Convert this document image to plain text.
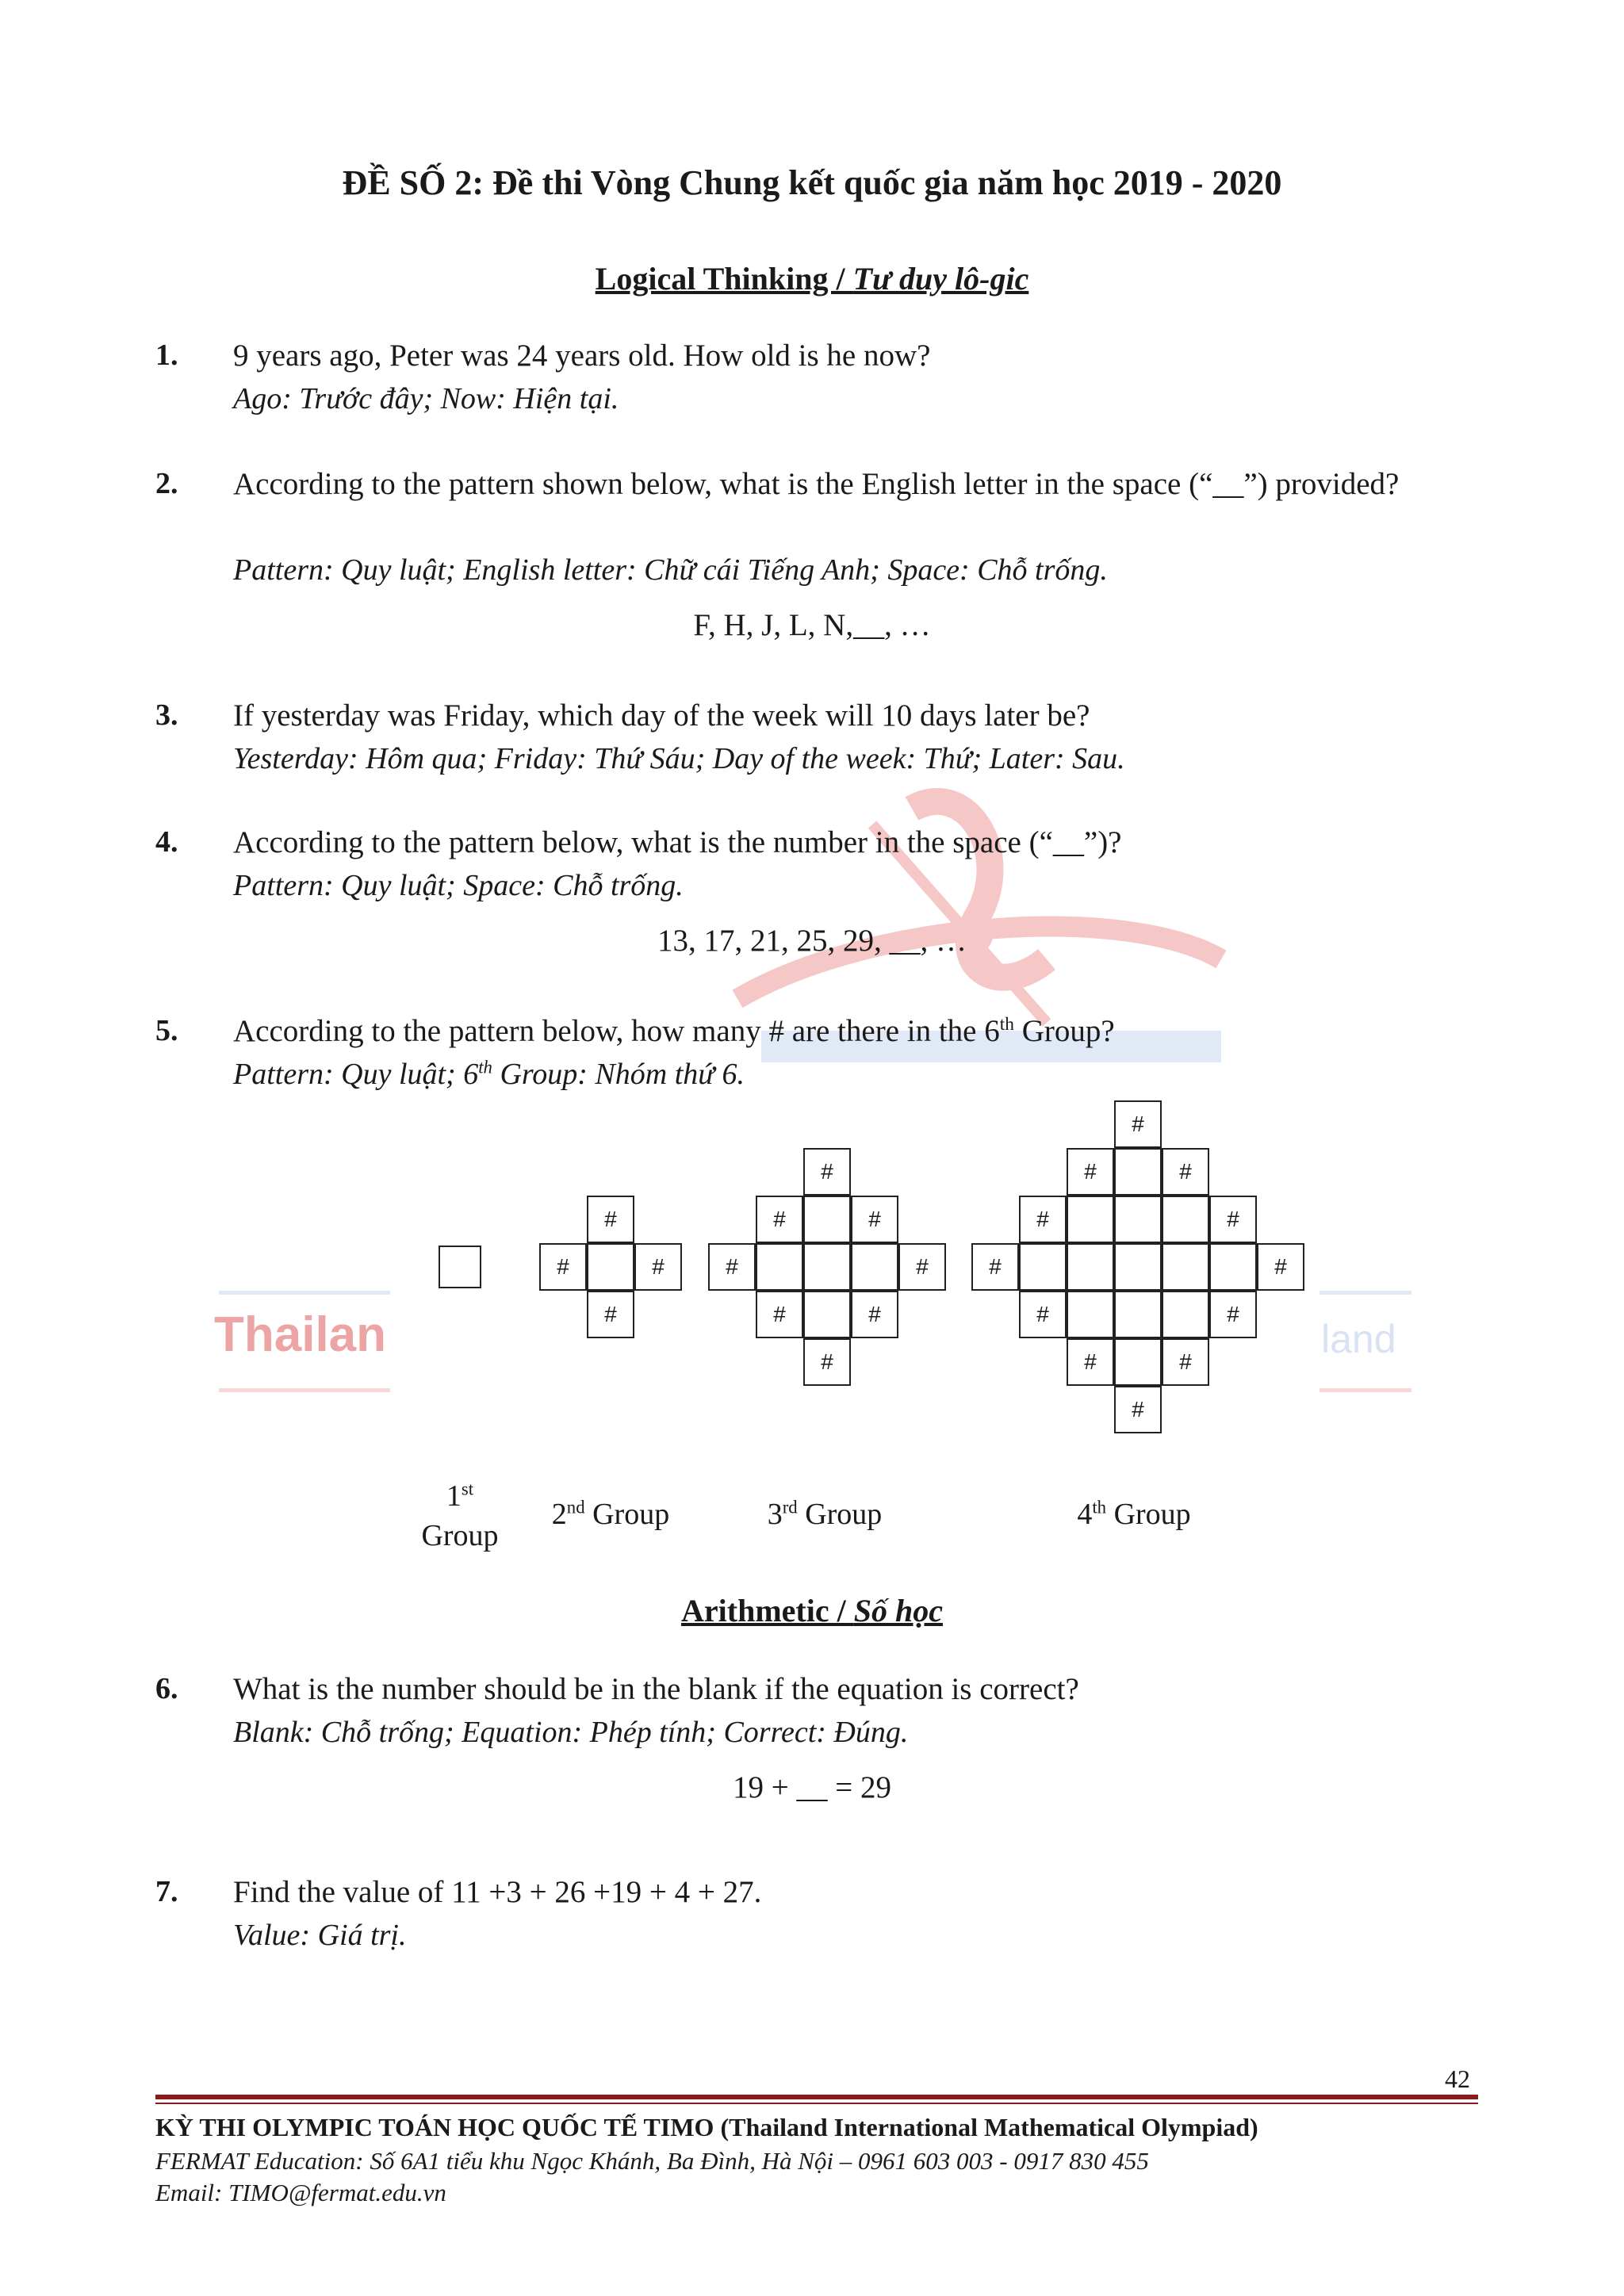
Thailan	land
ĐỀ SỐ 2: Đề thi Vòng Chung kết quốc gia năm học 2019 - 2020
Logical Thinking / Tư duy lô-gic
1. 9 years ago, Peter was 24 years old. How old is he now?
Ago: Trước đây; Now: Hiện tại.
2. According to the pattern shown below, what is the English letter in the space (“__”) provided?
Pattern: Quy luật; English letter: Chữ cái Tiếng Anh; Space: Chỗ trống.
F, H, J, L, N,__, …
3. If yesterday was Friday, which day of the week will 10 days later be?
Yesterday: Hôm qua; Friday: Thứ Sáu; Day of the week: Thứ; Later: Sau.
4. According to the pattern below, what is the number in the space (“__”)?
Pattern: Quy luật; Space: Chỗ trống.
13, 17, 21, 25, 29, __, …
5. According to the pattern below, how many # are there in the 6th Group?
Pattern: Quy luật; 6th Group: Nhóm thứ 6.
#
#	#
#
#
#	#
#	#
#	#
#
#
#	#
#	#
#	#
#	#
#	#
#
1st
Group
2nd Group	3rd Group	4th Group
Arithmetic / Số học
6. What is the number should be in the blank if the equation is correct?
Blank: Chỗ trống; Equation: Phép tính; Correct: Đúng.
19 + __ = 29
7. Find the value of 11 +3 + 26 +19 + 4 + 27.
Value: Giá trị.
42
KỲ THI OLYMPIC TOÁN HỌC QUỐC TẾ TIMO (Thailand International Mathematical Olympiad)
FERMAT Education: Số 6A1 tiểu khu Ngọc Khánh, Ba Đình, Hà Nội – 0961 603 003 - 0917 830 455
Email: TIMO@fermat.edu.vn
